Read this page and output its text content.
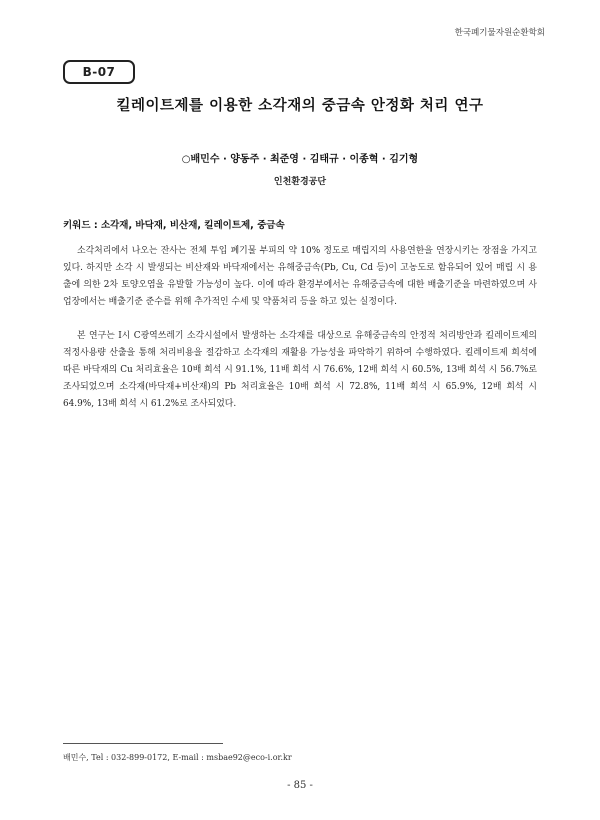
한국폐기물자원순환학회
B-07
킬레이트제를 이용한 소각재의 중금속 안정화 처리 연구
○배민수 · 양동주 · 최준영 · 김태규 · 이종혁 · 김기형
인천환경공단
키워드 : 소각재, 바닥재, 비산재, 킬레이트제, 중금속
소각처리에서 나오는 잔사는 전체 투입 폐기물 부피의 약 10% 정도로 매립지의 사용연한을 연장시키는 장점을 가지고 있다. 하지만 소각 시 발생되는 비산재와 바닥재에서는 유해중금속(Pb, Cu, Cd 등)이 고농도로 함유되어 있어 매립 시 용출에 의한 2차 토양오염을 유발할 가능성이 높다. 이에 따라 환경부에서는 유해중금속에 대한 배출기준을 마련하였으며 사업장에서는 배출기준 준수를 위해 추가적인 수세 및 약품처리 등을 하고 있는 실정이다.
본 연구는 I시 C광역쓰레기 소각시설에서 발생하는 소각재를 대상으로 유해중금속의 안정적 처리방안과 킬레이트제의 적정사용량 산출을 통해 처리비용을 절감하고 소각재의 재활용 가능성을 파악하기 위하여 수행하였다. 킬레이트제 희석에 따른 바닥재의 Cu 처리효율은 10배 희석 시 91.1%, 11배 희석 시 76.6%, 12배 희석 시 60.5%, 13배 희석 시 56.7%로 조사되었으며 소각재(바닥재+비산재)의 Pb 처리효율은 10배 희석 시 72.8%, 11배 희석 시 65.9%, 12배 희석 시 64.9%, 13배 희석 시 61.2%로 조사되었다.
배민수, Tel : 032-899-0172, E-mail : msbae92@eco-i.or.kr
- 85 -
